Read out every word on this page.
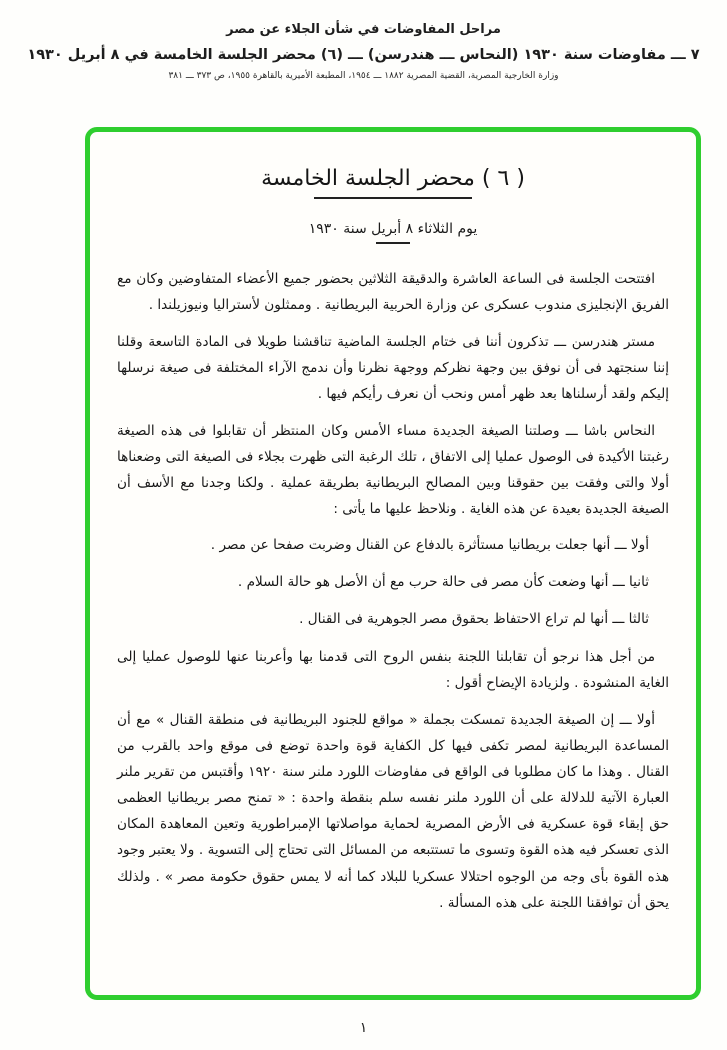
مراحل المفاوضات في شأن الجلاء عن مصر
٧ ـــ مفاوضات سنة ١٩٣٠ (النحاس ـــ هندرسن) ـــ (٦) محضر الجلسة الخامسة في ٨ أبريل ١٩٣٠
وزارة الخارجية المصرية، القضية المصرية ١٨٨٢ ـــ ١٩٥٤، المطبعة الأميرية بالقاهرة ١٩٥٥، ص ٣٧٣ ـــ ٣٨١
( ٦ ) محضر الجلسة الخامسة
يوم الثلاثاء ٨ أبريل سنة ١٩٣٠

افتتحت الجلسة فى الساعة العاشرة والدقيقة الثلاثين بحضور جميع الأعضاء المتفاوضين وكان مع الفريق الإنجليزى مندوب عسكرى عن وزارة الحربية البريطانية . وممثلون لأستراليا ونيوزيلندا .

مستر هندرسن ـــ تذكرون أننا فى ختام الجلسة الماضية تناقشنا طويلا فى المادة التاسعة وقلنا إننا سنجتهد فى أن نوفق بين وجهة نظركم ووجهة نظرنا وأن ندمج الآراء المختلفة فى صيغة نرسلها إليكم ولقد أرسلناها بعد ظهر أمس ونحب أن نعرف رأيكم فيها .

النحاس باشا ـــ وصلتنا الصيغة الجديدة مساء الأمس وكان المنتظر أن تقابلوا فى هذه الصيغة رغبتنا الأكيدة فى الوصول عمليا إلى الاتفاق ، تلك الرغبة التى ظهرت بجلاء فى الصيغة التى وضعناها أولا والتى وفقت بين حقوقنا وبين المصالح البريطانية بطريقة عملية . ولكنا وجدنا مع الأسف أن الصيغة الجديدة بعيدة عن هذه الغاية . ونلاحظ عليها ما يأتى :

أولا ـــ أنها جعلت بريطانيا مستأثرة بالدفاع عن القنال وضربت صفحا عن مصر .

ثانيا ـــ أنها وضعت كأن مصر فى حالة حرب مع أن الأصل هو حالة السلام .

ثالثا ـــ أنها لم تراع الاحتفاظ بحقوق مصر الجوهرية فى القنال .

من أجل هذا نرجو أن تقابلنا اللجنة بنفس الروح التى قدمنا بها وأعربنا عنها للوصول عمليا إلى الغاية المنشودة . ولزيادة الإيضاح أقول :

أولا ـــ إن الصيغة الجديدة تمسكت بجملة « مواقع للجنود البريطانية فى منطقة القنال » مع أن المساعدة البريطانية لمصر تكفى فيها كل الكفاية قوة واحدة توضع فى موقع واحد بالقرب من القنال . وهذا ما كان مطلوبا فى الواقع فى مفاوضات اللورد ملنر سنة ١٩٢٠ وأقتبس من تقرير ملنر العبارة الآتية للدلالة على أن اللورد ملنر نفسه سلم بنقطة واحدة : « تمنح مصر بريطانيا العظمى حق إبقاء قوة عسكرية فى الأرض المصرية لحماية مواصلاتها الإمبراطورية وتعين المعاهدة المكان الذى تعسكر فيه هذه القوة وتسوى ما تستتبعه من المسائل التى تحتاج إلى التسوية . ولا يعتبر وجود هذه القوة بأى وجه من الوجوه احتلالا عسكريا للبلاد كما أنه لا يمس حقوق حكومة مصر » . ولذلك يحق أن توافقنا اللجنة على هذه المسألة .

١
